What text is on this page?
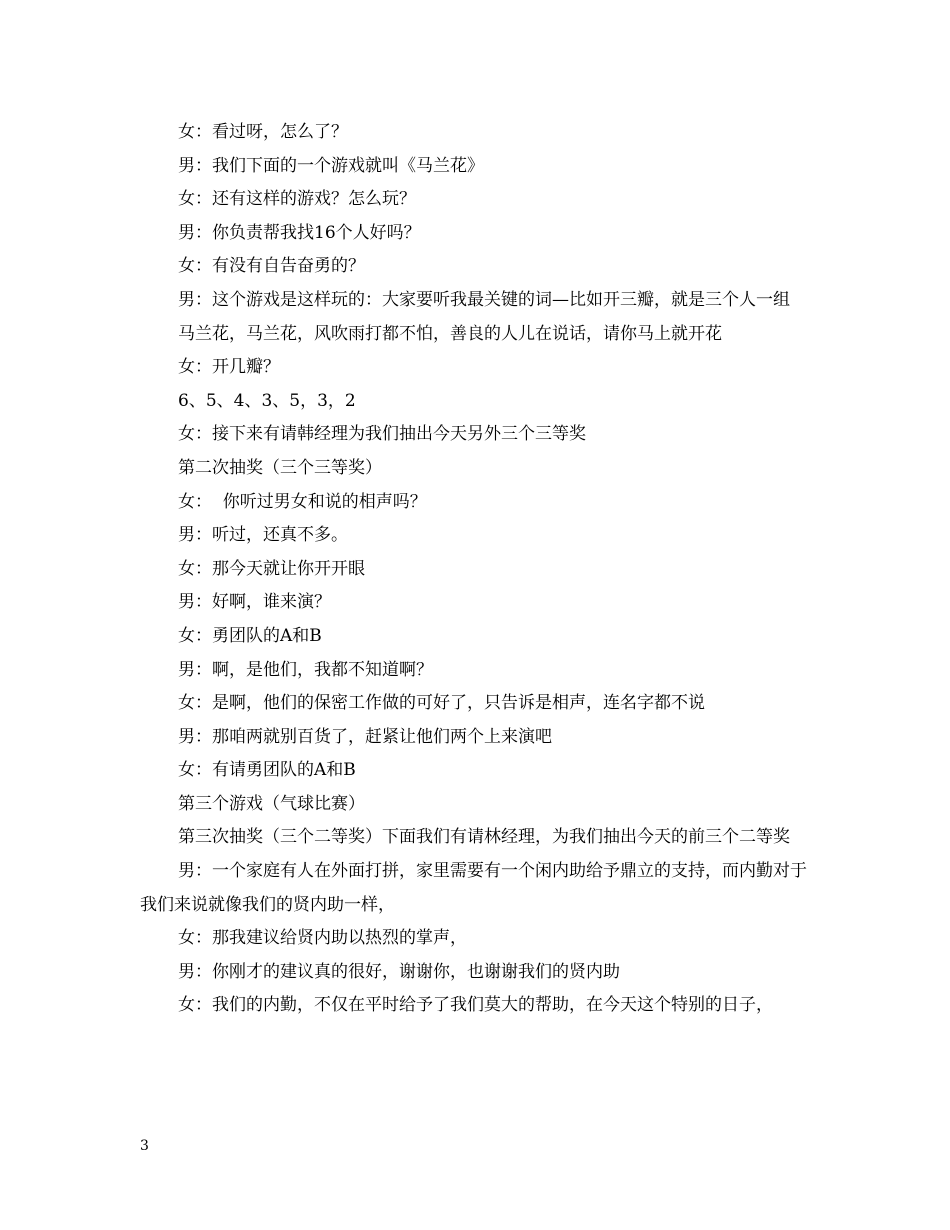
女：看过呀，怎么了？

男：我们下面的一个游戏就叫《马兰花》

女：还有这样的游戏？怎么玩？

男：你负责帮我找16个人好吗？

女：有没有自告奋勇的？

男：这个游戏是这样玩的：大家要听我最关键的词—比如开三瓣，就是三个人一组

马兰花，马兰花，风吹雨打都不怕，善良的人儿在说话，请你马上就开花

女：开几瓣？

6、5、4、3、5，3，2

女：接下来有请韩经理为我们抽出今天另外三个三等奖

第二次抽奖（三个三等奖）

女：  你听过男女和说的相声吗？

男：听过，还真不多。

女：那今天就让你开开眼

男：好啊，谁来演？

女：勇团队的A和B

男：啊，是他们，我都不知道啊？

女：是啊，他们的保密工作做的可好了，只告诉是相声，连名字都不说

男：那咱两就别百货了，赶紧让他们两个上来演吧

女：有请勇团队的A和B

第三个游戏（气球比赛）

第三次抽奖（三个二等奖）下面我们有请林经理，为我们抽出今天的前三个二等奖

男：一个家庭有人在外面打拼，家里需要有一个闲内助给予鼎立的支持，而内勤对于我们来说就像我们的贤内助一样，

女：那我建议给贤内助以热烈的掌声，

男：你刚才的建议真的很好，谢谢你，也谢谢我们的贤内助

女：我们的内勤，不仅在平时给予了我们莫大的帮助，在今天这个特别的日子，

3
